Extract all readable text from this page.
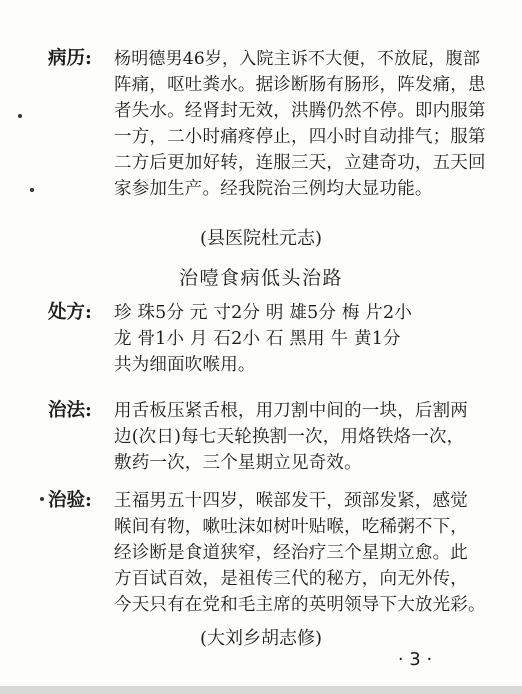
病历:	杨明德男46岁，入院主诉不大便，不放屁，腹部
阵痛，呕吐粪水。据诊断肠有肠形，阵发痛，患
者失水。经肾封无效，洪腾仍然不停。即内服第
一方，二小时痛疼停止，四小时自动排气；服第
二方后更加好转，连服三天，立建奇功，五天回
家参加生产。经我院治三例均大显功能。
(县医院杜元志)
治噎食病低头治路
处方:	珍 珠5分 元 寸2分 明 雄5分 梅 片2小
龙 骨1小 月 石2小 石 黑用 牛 黄1分
共为细面吹喉用。
治法:	用舌板压紧舌根，用刀割中间的一块，后割两
边(次日)每七天轮换割一次，用烙铁烙一次，
敷药一次，三个星期立见奇效。
治验:	王福男五十四岁，喉部发干，颈部发紧，感觉
喉间有物，嗽吐沫如树叶贴喉，吃稀粥不下，
经诊断是食道狭窄，经治疗三个星期立愈。此
方百试百效，是祖传三代的秘方，向无外传，
今天只有在党和毛主席的英明领导下大放光彩。
(大刘乡胡志修)
· 3 ·
